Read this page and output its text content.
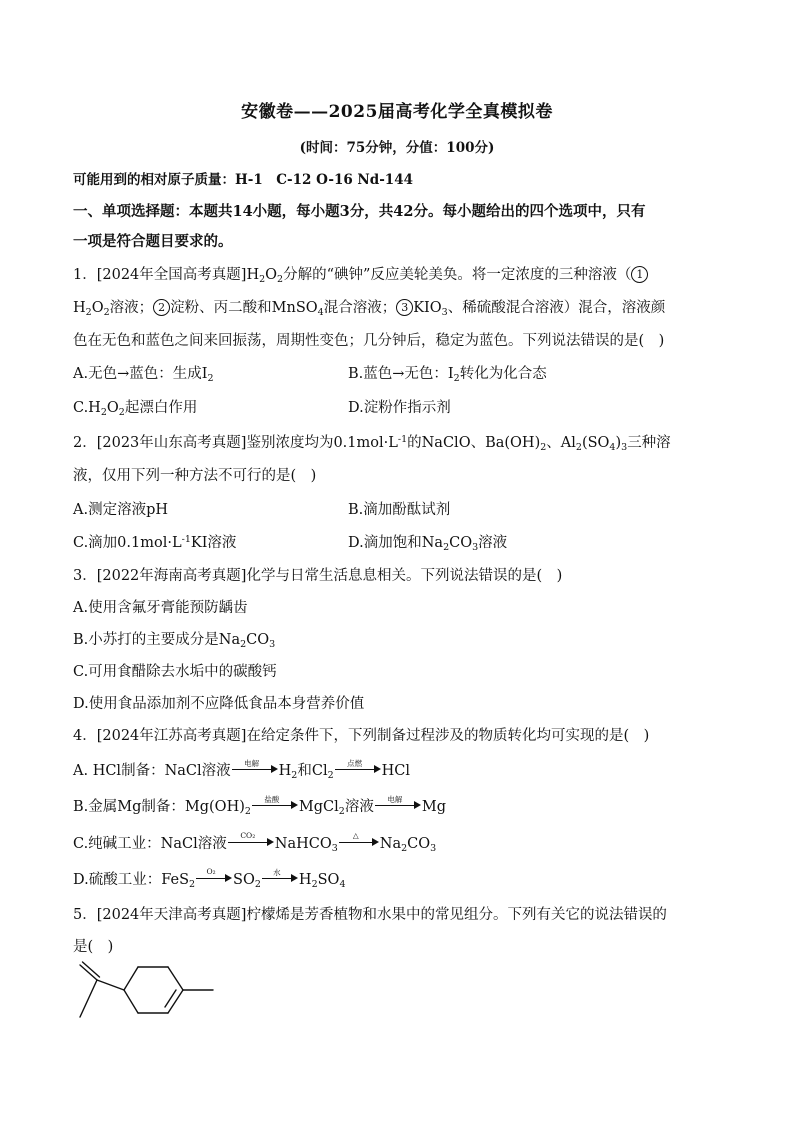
安徽卷——2025届高考化学全真模拟卷
(时间：75分钟，分值：100分)
可能用到的相对原子质量：H-1　C-12 O-16 Nd-144
一、单项选择题：本题共14小题，每小题3分，共42分。每小题给出的四个选项中，只有
一项是符合题目要求的。
1．[2024年全国高考真题]$H_2O_2$分解的“碘钟”反应美轮美奂。将一定浓度的三种溶液（ 1
$H_2O_2$溶液； 2 淀粉、丙二酸和MnSO$_4$混合溶液； 3 $KIO_3$、稀硫酸混合溶液）混合，溶液颜
色在无色和蓝色之间来回振荡，周期性变色；几分钟后，稳定为蓝色。下列说法错误的是(　)
A.无色→蓝色：生成$I_2$	B.蓝色→无色：$I_2$转化为化合态
$C.H_2O_2$起漂白作用	D.淀粉作指示剂
2．[2023年山东高考真题]鉴别浓度均为$0.1mol\cdot L^{-1}$的NaClO、$Ba(OH)_2$、$Al_2(SO_4)_3$三种溶
液，仅用下列一种方法不可行的是(　)
A.测定溶液pH	B.滴加酚酞试剂
C.滴加$0.1mol\cdot L^{-1}KI$溶液	D.滴加饱和$Na_2CO_3$溶液
3．[2022年海南高考真题]化学与日常生活息息相关。下列说法错误的是(　)
A.使用含氟牙膏能预防龋齿
B.小苏打的主要成分是$Na_2CO_3$
C.可用食醋除去水垢中的碳酸钙
D.使用食品添加剂不应降低食品本身营养价值
4．[2024年江苏高考真题]在给定条件下，下列制备过程涉及的物质转化均可实现的是(　)
A. HCl制备：NaCl溶液	电解	$H_2$和$Cl_2$
点燃	HCl
B.金属Mg制备：$Mg(OH)_2$
盐酸	MgCl$_2$溶液	电解	Mg
C.纯碱工业：NaCl溶液
CO₂
NaHCO$_3$
△
$Na_2CO_3$
D.硫酸工业：FeS$_2$
O₂
$SO_2$
水	$H_2SO_4$
5．[2024年天津高考真题]柠檬烯是芳香植物和水果中的常见组分。下列有关它的说法错误的
是(　)
